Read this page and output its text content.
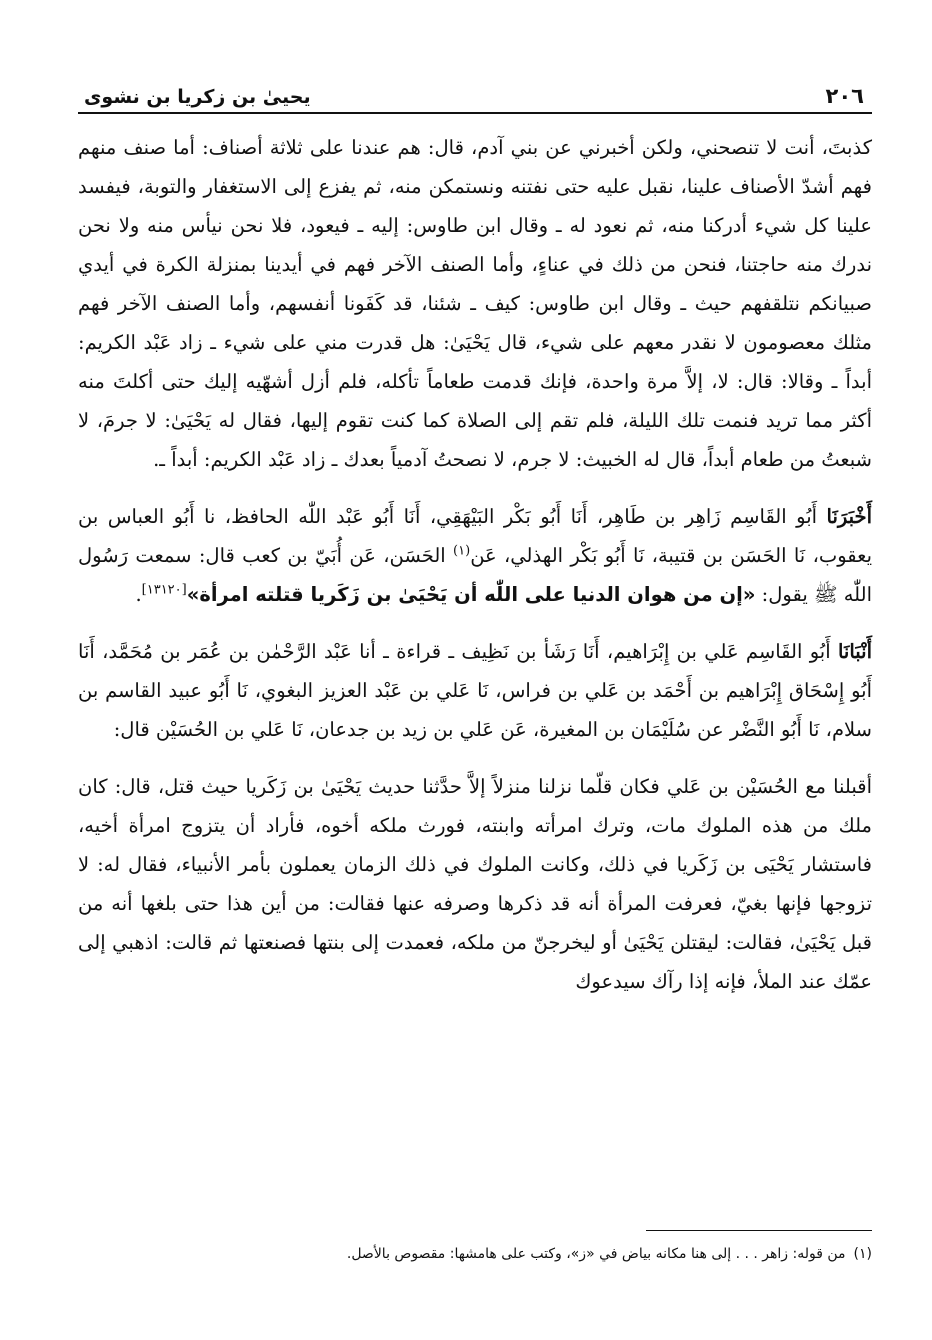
٢٠٦
يحيىٰ بن زكريا بن نشوى

كذبتَ، أنت لا تنصحني، ولكن أخبرني عن بني آدم، قال: هم عندنا على ثلاثة أصناف: أما صنف منهم فهم أشدّ الأصناف علينا، نقبل عليه حتى نفتنه ونستمكن منه، ثم يفزع إلى الاستغفار والتوبة، فيفسد علينا كل شيء أدركنا منه، ثم نعود له ـ وقال ابن طاوس: إليه ـ فيعود، فلا نحن نيأس منه ولا نحن ندرك منه حاجتنا، فنحن من ذلك في عناءٍ، وأما الصنف الآخر فهم في أيدينا بمنزلة الكرة في أيدي صبيانكم نتلقفهم حيث ـ وقال ابن طاوس: كيف ـ شئنا، قد كَفَونا أنفسهم، وأما الصنف الآخر فهم مثلك معصومون لا نقدر معهم على شيء، قال يَحْيَىٰ: هل قدرت مني على شيء ـ زاد عَبْد الكريم: أبداً ـ وقالا: قال: لا، إلاَّ مرة واحدة، فإنك قدمت طعاماً تأكله، فلم أزل أشهّيه إليك حتى أكلتَ منه أكثر مما تريد فنمت تلك الليلة، فلم تقم إلى الصلاة كما كنت تقوم إليها، فقال له يَحْيَىٰ: لا جرمَ، لا شبعتُ من طعام أبداً، قال له الخبيث: لا جرم، لا نصحتُ آدمياً بعدك ـ زاد عَبْد الكريم: أبداً ـ.

أَخْبَرَنَا أَبُو القَاسِم زَاهِر بن طَاهِر، أَنَا أَبُو بَكْر البَيْهَقِي، أَنَا أَبُو عَبْد اللّٰه الحافظ، نا أَبُو العباس بن يعقوب، نَا الحَسَن بن قتيبة، نَا أَبُو بَكْر الهذلي، عَن$^{(١)}$ الحَسَن، عَن أُبَيّ بن كعب قال: سمعت رَسُول اللّٰه ﷺ يقول: «إن من هوان الدنيا على اللّٰه أن يَحْيَىٰ بن زَكَريا قتلته امرأة»[١٣١٢٠].

أَنْبَانَا أَبُو القَاسِم عَلي بن إِبْرَاهيم، أَنَا رَشَأ بن نَظِيف ـ قراءة ـ أنا عَبْد الرَّحْمٰن بن عُمَر بن مُحَمَّد، أَنَا أَبُو إِسْحَاق إِبْرَاهيم بن أَحْمَد بن عَلي بن فراس، نَا عَلي بن عَبْد العزيز البغوي، نَا أَبُو عبيد القاسم بن سلام، نَا أَبُو النَّضْر عن سُلَيْمَان بن المغيرة، عَن عَلي بن زيد بن جدعان، نَا عَلي بن الحُسَيْن قال:

أقبلنا مع الحُسَيْن بن عَلي فكان قلّما نزلنا منزلاً إلاَّ حدَّثنا حديث يَحْيَىٰ بن زَكَريا حيث قتل، قال: كان ملك من هذه الملوك مات، وترك امرأته وابنته، فورث ملكه أخوه، فأراد أن يتزوج امرأة أخيه، فاستشار يَحْيَى بن زَكَريا في ذلك، وكانت الملوك في ذلك الزمان يعملون بأمر الأنبياء، فقال له: لا تزوجها فإنها بغيّ، فعرفت المرأة أنه قد ذكرها وصرفه عنها فقالت: من أين هذا حتى بلغها أنه من قبل يَحْيَىٰ، فقالت: ليقتلن يَحْيَىٰ أو ليخرجنّ من ملكه، فعمدت إلى بنتها فصنعتها ثم قالت: اذهبي إلى عمّك عند الملأ، فإنه إذا رآك سيدعوك

(١)من قوله: زاهر . . . إلى هنا مكانه بياض في «ز»، وكتب على هامشها: مقصوص بالأصل.
